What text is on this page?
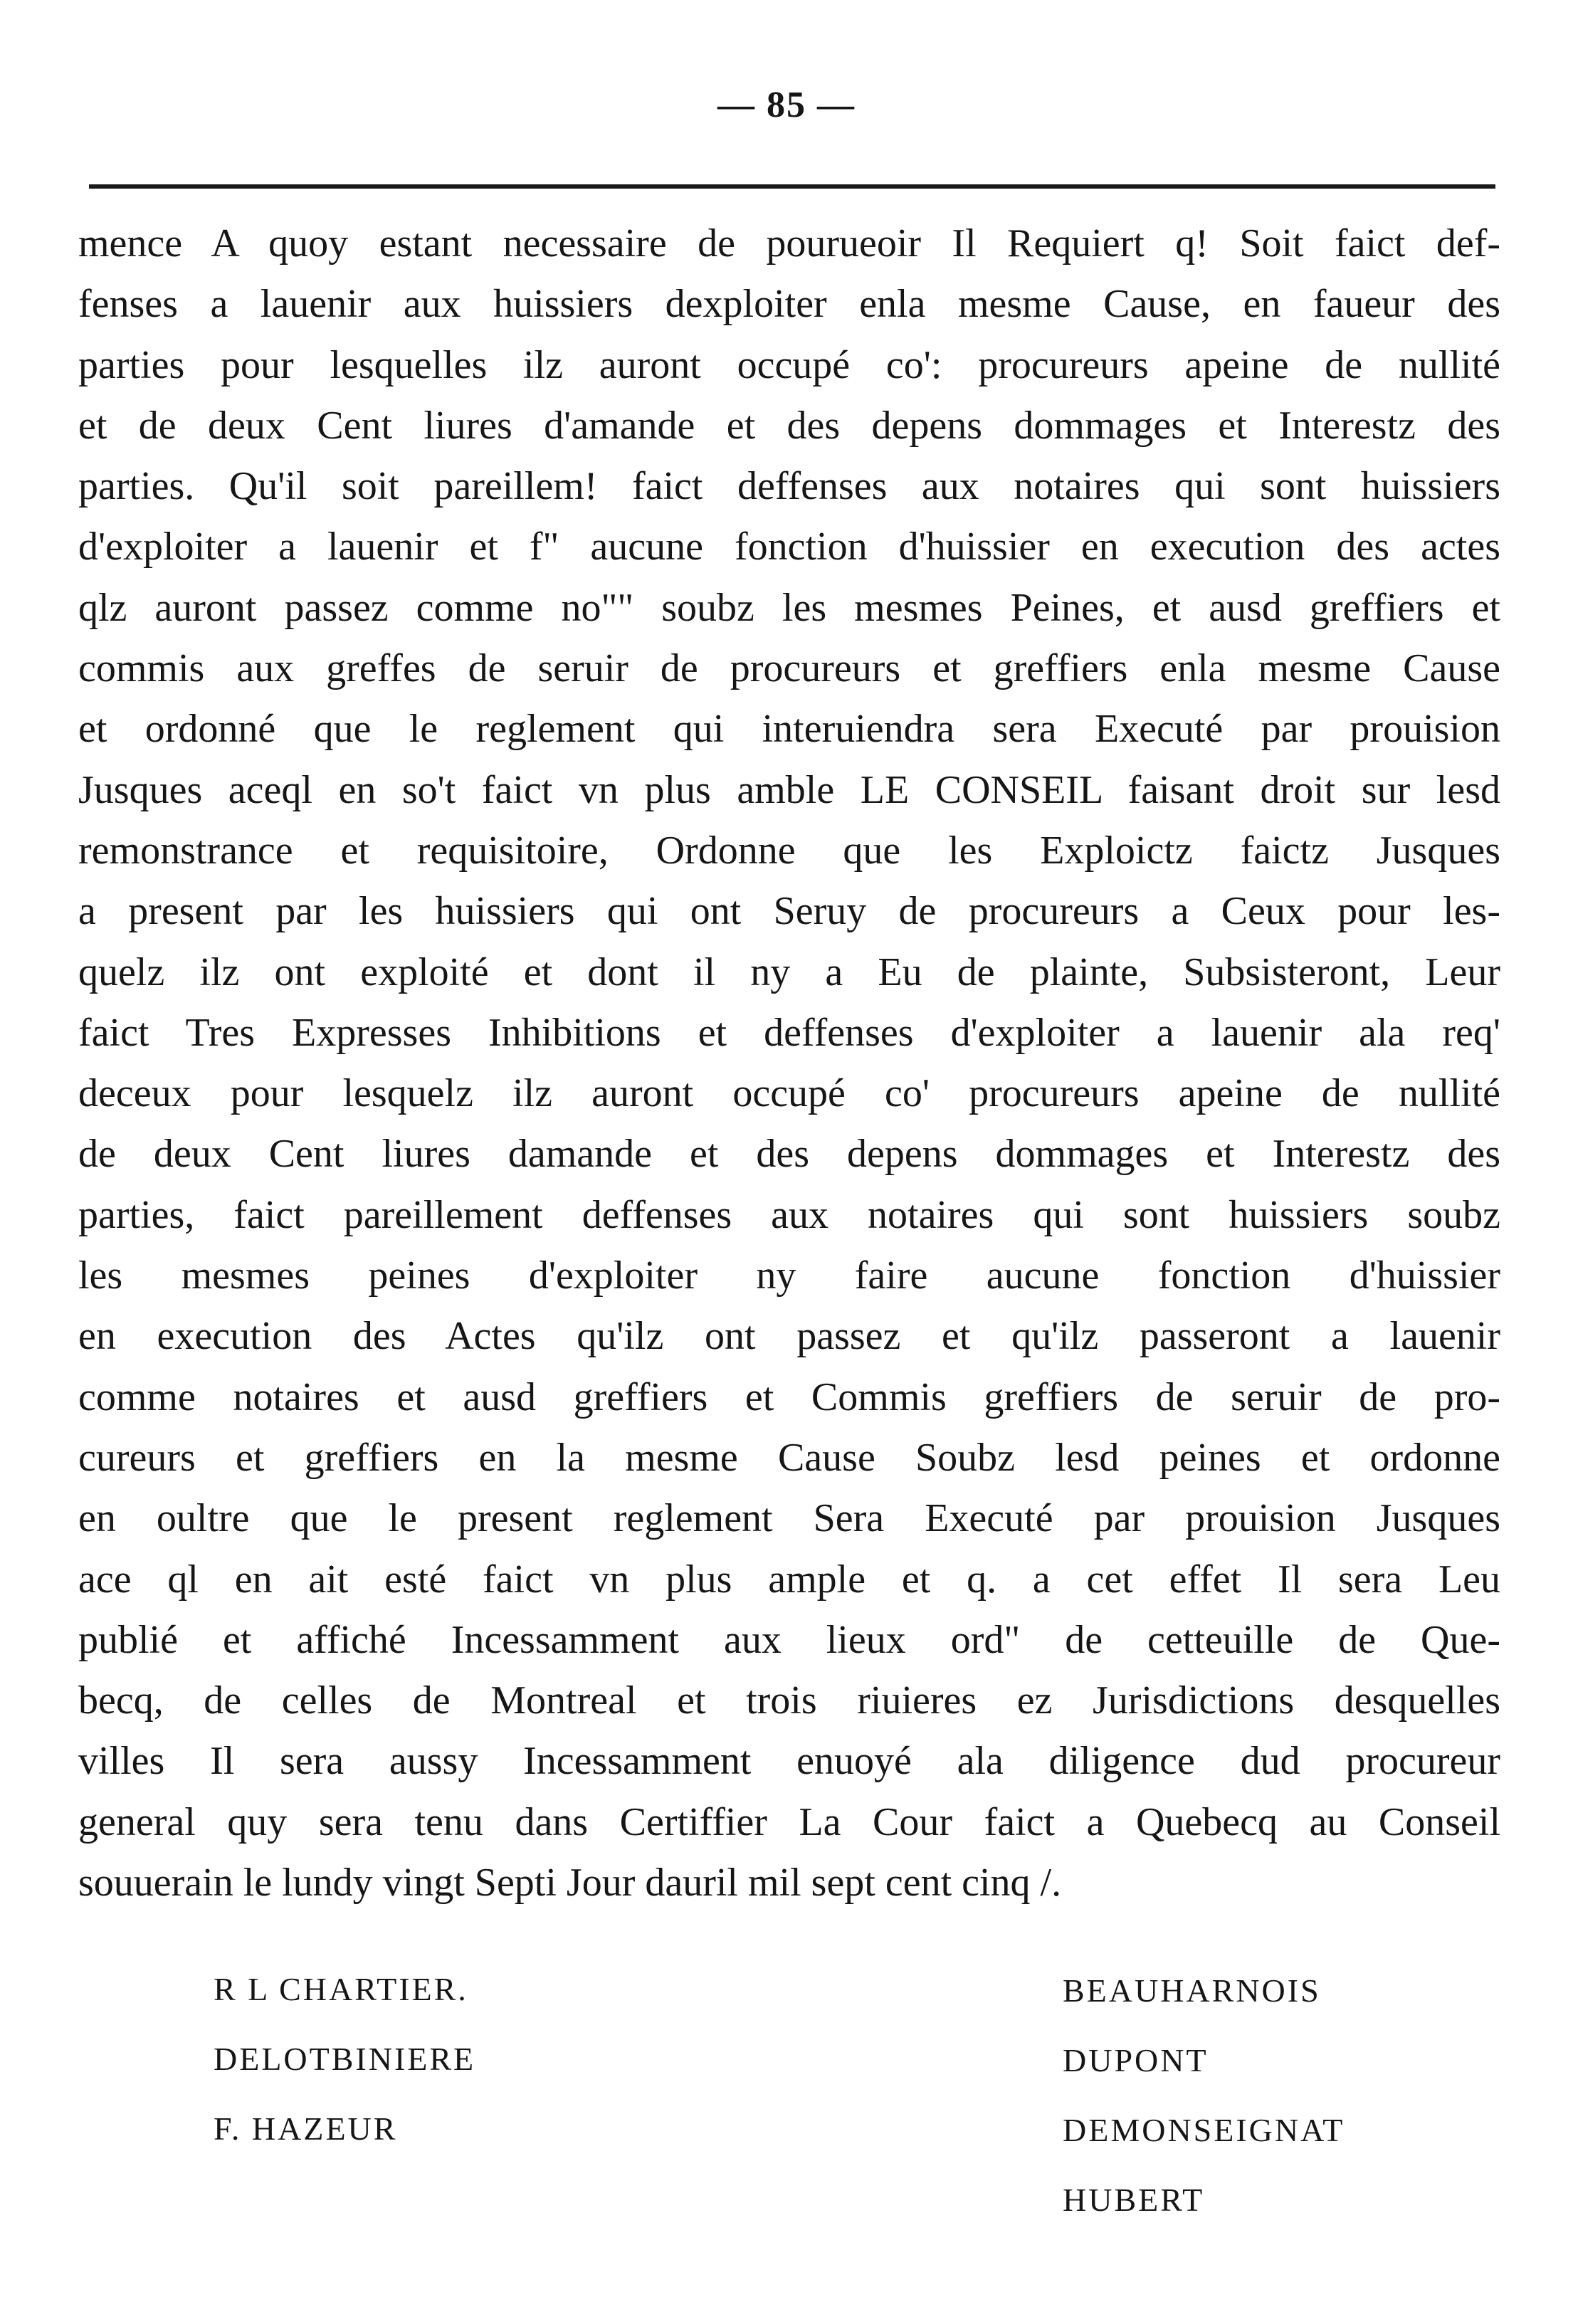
— 85 —
mence A quoy estant necessaire de pourueoir Il Requiert q! Soit faict def-
fenses a lauenir aux huissiers dexploiter enla mesme Cause, en faueur des
parties pour lesquelles ilz auront occupé co': procureurs apeine de nullité
et de deux Cent liures d'amande et des depens dommages et Interestz des
parties. Qu'il soit pareillem! faict deffenses aux notaires qui sont huissiers
d'exploiter a lauenir et f" aucune fonction d'huissier en execution des actes
qlz auront passez comme no"" soubz les mesmes Peines, et ausd greffiers et
commis aux greffes de seruir de procureurs et greffiers enla mesme Cause
et ordonné que le reglement qui interuiendra sera Executé par prouision
Jusques aceql en so't faict vn plus amble LE CONSEIL faisant droit sur lesd
remonstrance et requisitoire, Ordonne que les Exploictz faictz Jusques
a present par les huissiers qui ont Seruy de procureurs a Ceux pour les-
quelz ilz ont exploité et dont il ny a Eu de plainte, Subsisteront, Leur
faict Tres Expresses Inhibitions et deffenses d'exploiter a lauenir ala req'
deceux pour lesquelz ilz auront occupé co' procureurs apeine de nullité
de deux Cent liures damande et des depens dommages et Interestz des
parties, faict pareillement deffenses aux notaires qui sont huissiers soubz
les mesmes peines d'exploiter ny faire aucune fonction d'huissier
en execution des Actes qu'ilz ont passez et qu'ilz passeront a lauenir
comme notaires et ausd greffiers et Commis greffiers de seruir de pro-
cureurs et greffiers en la mesme Cause Soubz lesd peines et ordonne
en oultre que le present reglement Sera Executé par prouision Jusques
ace ql en ait esté faict vn plus ample et q. a cet effet Il sera Leu
publié et affiché Incessamment aux lieux ord" de cetteuille de Que-
becq, de celles de Montreal et trois riuieres ez Jurisdictions desquelles
villes Il sera aussy Incessamment enuoyé ala diligence dud procureur
general quy sera tenu dans Certiffier La Cour faict a Quebecq au Conseil
souuerain le lundy vingt Septi Jour dauril mil sept cent cinq /.
R L CHARTIER.
DELOTBINIERE
F. HAZEUR
BEAUHARNOIS
DUPONT
DEMONSEIGNAT
HUBERT
